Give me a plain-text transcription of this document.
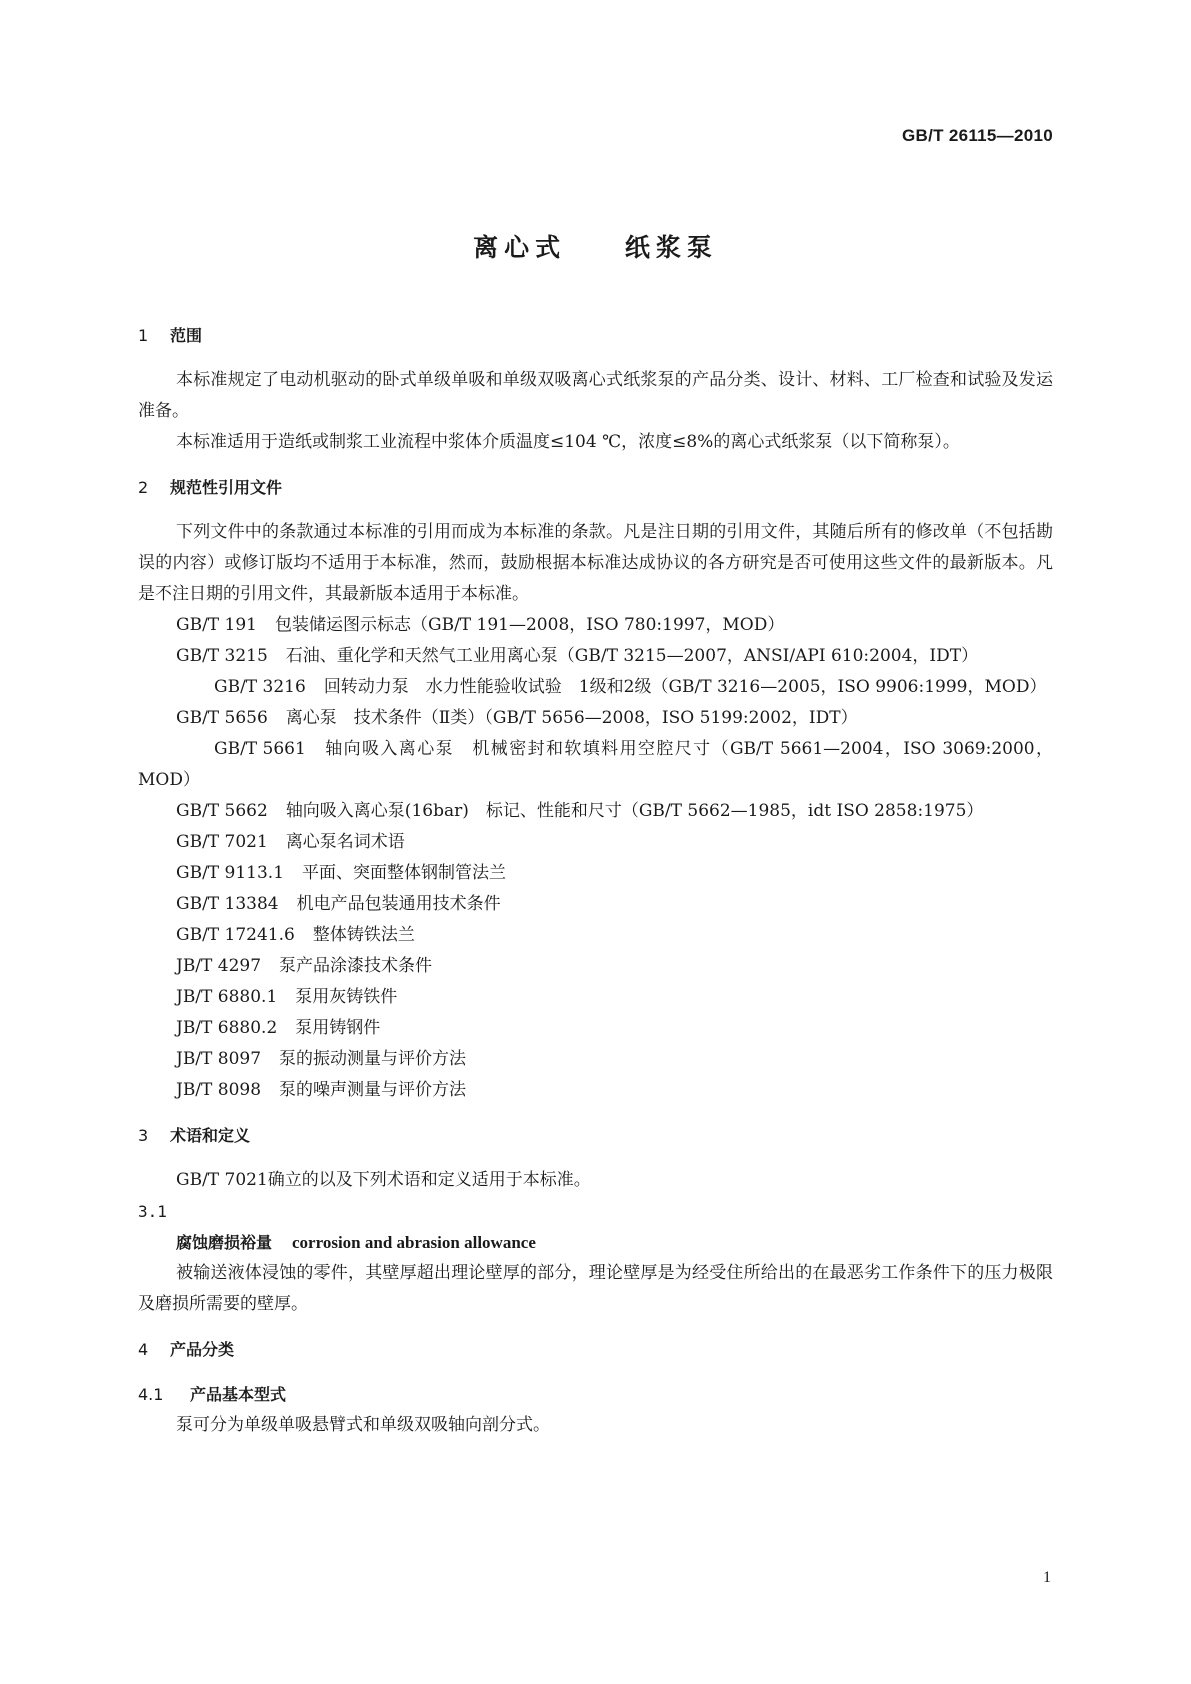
GB/T 26115—2010
离心式    纸浆泵
1 范围
本标准规定了电动机驱动的卧式单级单吸和单级双吸离心式纸浆泵的产品分类、设计、材料、工厂检查和试验及发运准备。
本标准适用于造纸或制浆工业流程中浆体介质温度≤104 ℃，浓度≤8%的离心式纸浆泵（以下简称泵）。
2 规范性引用文件
下列文件中的条款通过本标准的引用而成为本标准的条款。凡是注日期的引用文件，其随后所有的修改单（不包括勘误的内容）或修订版均不适用于本标准，然而，鼓励根据本标准达成协议的各方研究是否可使用这些文件的最新版本。凡是不注日期的引用文件，其最新版本适用于本标准。
GB/T 191 包装储运图示标志（GB/T 191—2008，ISO 780:1997，MOD）
GB/T 3215 石油、重化学和天然气工业用离心泵（GB/T 3215—2007，ANSI/API 610:2004，IDT）
GB/T 3216 回转动力泵　水力性能验收试验　1级和2级（GB/T 3216—2005，ISO 9906:1999，MOD）
GB/T 5656 离心泵　技术条件（Ⅱ类）（GB/T 5656—2008，ISO 5199:2002，IDT）
GB/T 5661 轴向吸入离心泵　机械密封和软填料用空腔尺寸（GB/T 5661—2004，ISO 3069:2000，MOD）
GB/T 5662 轴向吸入离心泵(16bar)　标记、性能和尺寸（GB/T 5662—1985，idt ISO 2858:1975）
GB/T 7021 离心泵名词术语
GB/T 9113.1 平面、突面整体钢制管法兰
GB/T 13384 机电产品包装通用技术条件
GB/T 17241.6 整体铸铁法兰
JB/T 4297 泵产品涂漆技术条件
JB/T 6880.1 泵用灰铸铁件
JB/T 6880.2 泵用铸钢件
JB/T 8097 泵的振动测量与评价方法
JB/T 8098 泵的噪声测量与评价方法
3 术语和定义
GB/T 7021确立的以及下列术语和定义适用于本标准。
3.1
腐蚀磨损裕量 corrosion and abrasion allowance
被输送液体浸蚀的零件，其壁厚超出理论壁厚的部分，理论壁厚是为经受住所给出的在最恶劣工作条件下的压力极限及磨损所需要的壁厚。
4 产品分类
4.1 产品基本型式
泵可分为单级单吸悬臂式和单级双吸轴向剖分式。
1
